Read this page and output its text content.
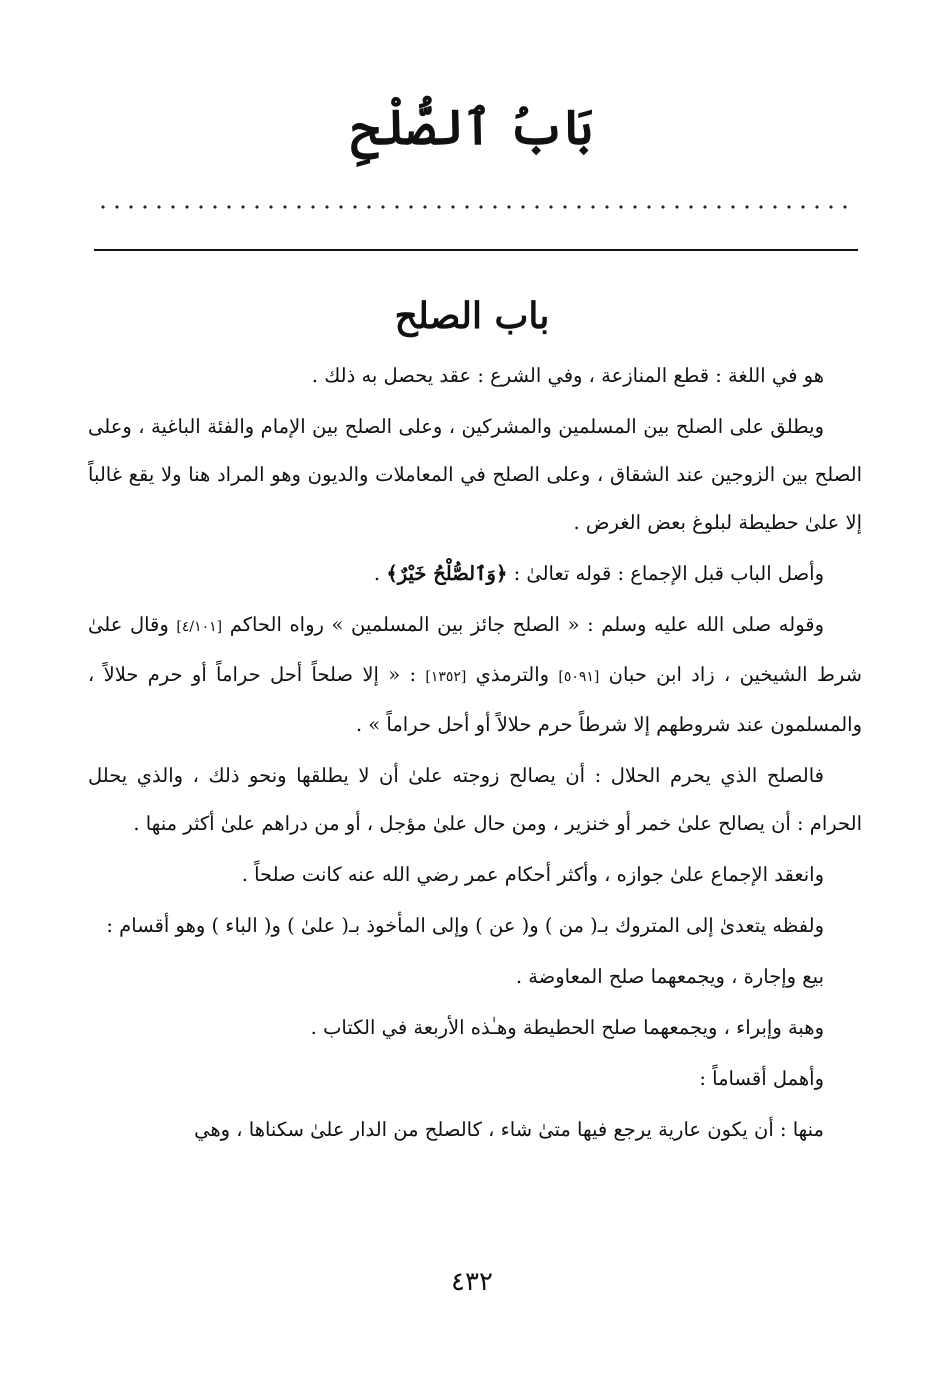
بَابُ ٱلصُّلْحِ
باب الصلح

هو في اللغة : قطع المنازعة ، وفي الشرع : عقد يحصل به ذلك .

ويطلق على الصلح بين المسلمين والمشركين ، وعلى الصلح بين الإمام والفئة الباغية ، وعلى الصلح بين الزوجين عند الشقاق ، وعلى الصلح في المعاملات والديون وهو المراد هنا ولا يقع غالباً إلا علىٰ حطيطة لبلوغ بعض الغرض .

وأصل الباب قبل الإجماع : قوله تعالىٰ : ﴿وَٱلصُّلْحُ خَيْرٌ﴾ .

وقوله صلى الله عليه وسلم : « الصلح جائز بين المسلمين » رواه الحاكم [٤/١٠١] وقال علىٰ شرط الشيخين ، زاد ابن حبان [٥٠٩١] والترمذي [١٣٥٢] : « إلا صلحاً أحل حراماً أو حرم حلالاً ، والمسلمون عند شروطهم إلا شرطاً حرم حلالاً أو أحل حراماً » .

فالصلح الذي يحرم الحلال : أن يصالح زوجته علىٰ أن لا يطلقها ونحو ذلك ، والذي يحلل الحرام : أن يصالح علىٰ خمر أو خنزير ، ومن حال علىٰ مؤجل ، أو من دراهم علىٰ أكثر منها .

وانعقد الإجماع علىٰ جوازه ، وأكثر أحكام عمر رضي الله عنه كانت صلحاً .

ولفظه يتعدىٰ إلى المتروك بـ( من ) و( عن ) وإلى المأخوذ بـ( علىٰ ) و( الباء ) وهو أقسام :

بيع وإجارة ، ويجمعهما صلح المعاوضة .

وهبة وإبراء ، ويجمعهما صلح الحطيطة وهـٰذه الأربعة في الكتاب .

وأهمل أقساماً :

منها : أن يكون عارية يرجع فيها متىٰ شاء ، كالصلح من الدار علىٰ سكناها ، وهي

٤٣٢
